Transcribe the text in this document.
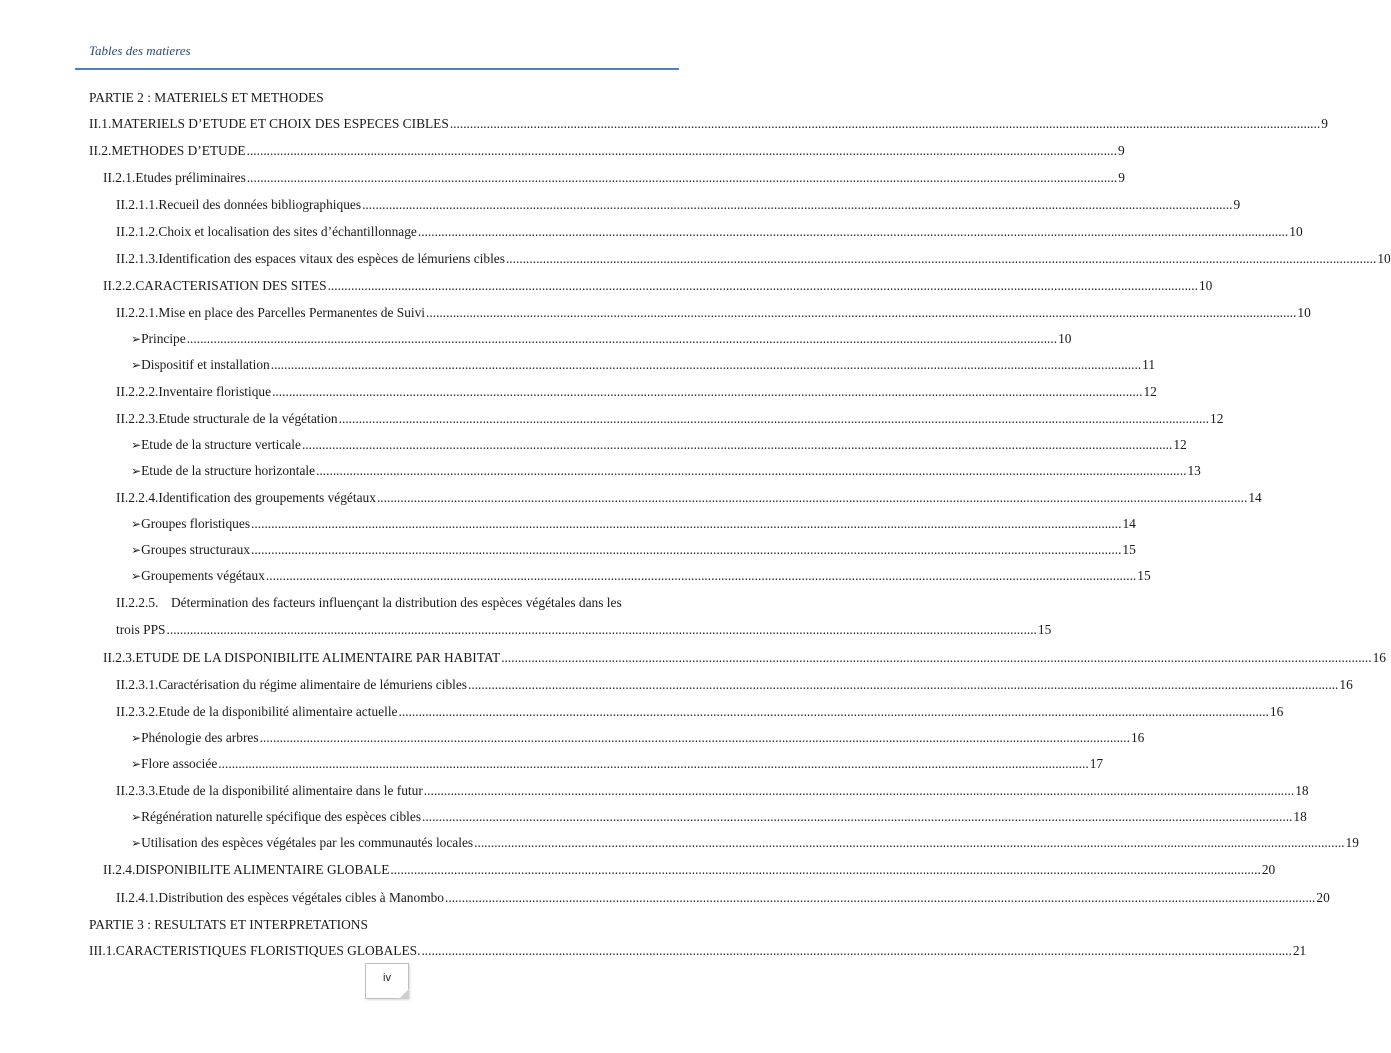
Tables des matieres
PARTIE 2 : MATERIELS ET METHODES
II.1. MATERIELS D’ETUDE ET CHOIX DES ESPECES CIBLES .....	9
II.2. METHODES D’ETUDE .....	9
II.2.1. Etudes préliminaires .....	9
II.2.1.1. Recueil des données bibliographiques .....	9
II.2.1.2. Choix et localisation des sites d’échantillonnage .....	10
II.2.1.3. Identification des espaces vitaux des espèces de lémuriens cibles .....	10
II.2.2. CARACTERISATION DES SITES .....	10
II.2.2.1. Mise en place des Parcelles Permanentes de Suivi .....	10
➢ Principe .....	10
➢ Dispositif et installation .....	11
II.2.2.2. Inventaire floristique .....	12
II.2.2.3. Etude structurale de la végétation .....	12
➢ Etude de la structure verticale .....	12
➢ Etude de la structure horizontale .....	13
II.2.2.4. Identification des groupements végétaux .....	14
➢ Groupes floristiques .....	14
➢ Groupes structuraux .....	15
➢ Groupements végétaux .....	15
II.2.2.5. Détermination des facteurs influençant la distribution des espèces végétales dans les
trois PPS .....	15
II.2.3. ETUDE DE LA DISPONIBILITE ALIMENTAIRE PAR HABITAT .....	16
II.2.3.1. Caractérisation du régime alimentaire de lémuriens cibles .....	16
II.2.3.2. Etude de la disponibilité alimentaire actuelle .....	16
➢ Phénologie des arbres .....	16
➢ Flore associée .....	17
II.2.3.3. Etude de la disponibilité alimentaire dans le futur .....	18
➢ Régénération naturelle spécifique des espèces cibles .....	18
➢ Utilisation des espèces végétales par les communautés locales .....	19
II.2.4. DISPONIBILITE ALIMENTAIRE GLOBALE .....	20
II.2.4.1. Distribution des espèces végétales cibles à Manombo .....	20
PARTIE 3 : RESULTATS ET INTERPRETATIONS
III.1. CARACTERISTIQUES FLORISTIQUES GLOBALES. .....	21
iv
